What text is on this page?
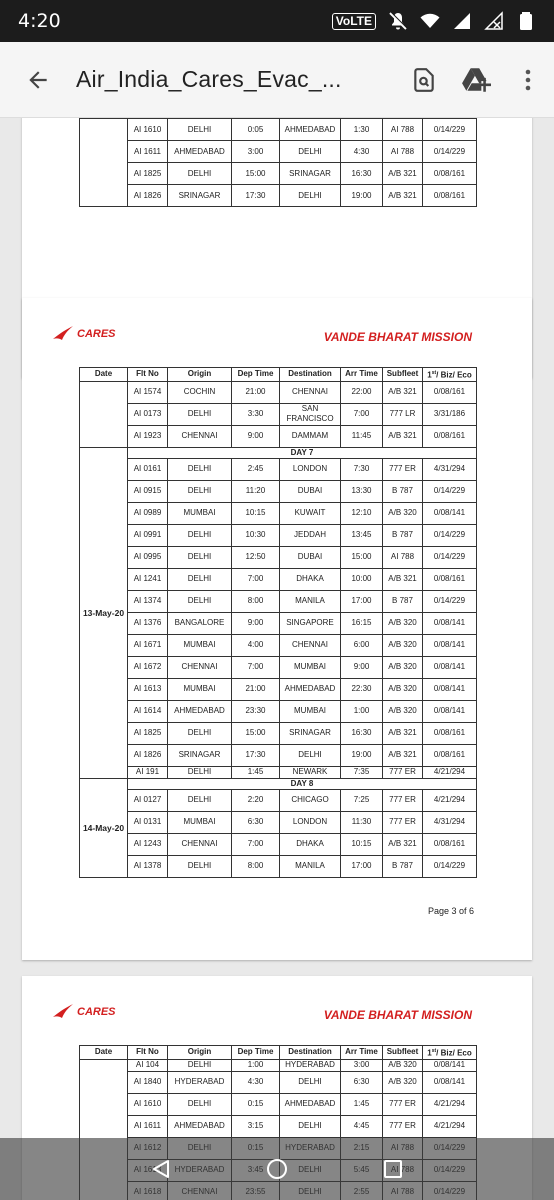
4:20	VoLTE
Air_India_Cares_Evac_...
	AI 1610	DELHI	0:05	AHMEDABAD	1:30	AI 788	0/14/229
	AI 1611	AHMEDABAD	3:00	DELHI	4:30	AI 788	0/14/229
	AI 1825	DELHI	15:00	SRINAGAR	16:30	A/B 321	0/08/161
	AI 1826	SRINAGAR	17:30	DELHI	19:00	A/B 321	0/08/161
CARES	VANDE BHARAT MISSION
Date	Flt No	Origin	Dep Time	Destination	Arr Time	Subfleet	1st/ Biz/ Eco
	AI 1574	COCHIN	21:00	CHENNAI	22:00	A/B 321	0/08/161
	AI 0173	DELHI	3:30	SAN FRANCISCO	7:00	777 LR	3/31/186
	AI 1923	CHENNAI	9:00	DAMMAM	11:45	A/B 321	0/08/161
13-May-20	DAY 7						
	AI 0161	DELHI	2:45	LONDON	7:30	777 ER	4/31/294
	AI 0915	DELHI	11:20	DUBAI	13:30	B 787	0/14/229
	AI 0989	MUMBAI	10:15	KUWAIT	12:10	A/B 320	0/08/141
	AI 0991	DELHI	10:30	JEDDAH	13:45	B 787	0/14/229
	AI 0995	DELHI	12:50	DUBAI	15:00	AI 788	0/14/229
	AI 1241	DELHI	7:00	DHAKA	10:00	A/B 321	0/08/161
	AI 1374	DELHI	8:00	MANILA	17:00	B 787	0/14/229
	AI 1376	BANGALORE	9:00	SINGAPORE	16:15	A/B 320	0/08/141
	AI 1671	MUMBAI	4:00	CHENNAI	6:00	A/B 320	0/08/141
	AI 1672	CHENNAI	7:00	MUMBAI	9:00	A/B 320	0/08/141
	AI 1613	MUMBAI	21:00	AHMEDABAD	22:30	A/B 320	0/08/141
	AI 1614	AHMEDABAD	23:30	MUMBAI	1:00	A/B 320	0/08/141
	AI 1825	DELHI	15:00	SRINAGAR	16:30	A/B 321	0/08/161
	AI 1826	SRINAGAR	17:30	DELHI	19:00	A/B 321	0/08/161
	AI 191	DELHI	1:45	NEWARK	7:35	777 ER	4/21/294
14-May-20	DAY 8						
	AI 0127	DELHI	2:20	CHICAGO	7:25	777 ER	4/21/294
	AI 0131	MUMBAI	6:30	LONDON	11:30	777 ER	4/31/294
	AI 1243	CHENNAI	7:00	DHAKA	10:15	A/B 321	0/08/161
	AI 1378	DELHI	8:00	MANILA	17:00	B 787	0/14/229
Page 3 of 6
CARES	VANDE BHARAT MISSION
Date	Flt No	Origin	Dep Time	Destination	Arr Time	Subfleet	1st/ Biz/ Eco
	AI 104	DELHI	1:00	HYDERABAD	3:00	A/B 320	0/08/141
	AI 1840	HYDERABAD	4:30	DELHI	6:30	A/B 320	0/08/141
	AI 1610	DELHI	0:15	AHMEDABAD	1:45	777 ER	4/21/294
	AI 1611	AHMEDABAD	3:15	DELHI	4:45	777 ER	4/21/294
